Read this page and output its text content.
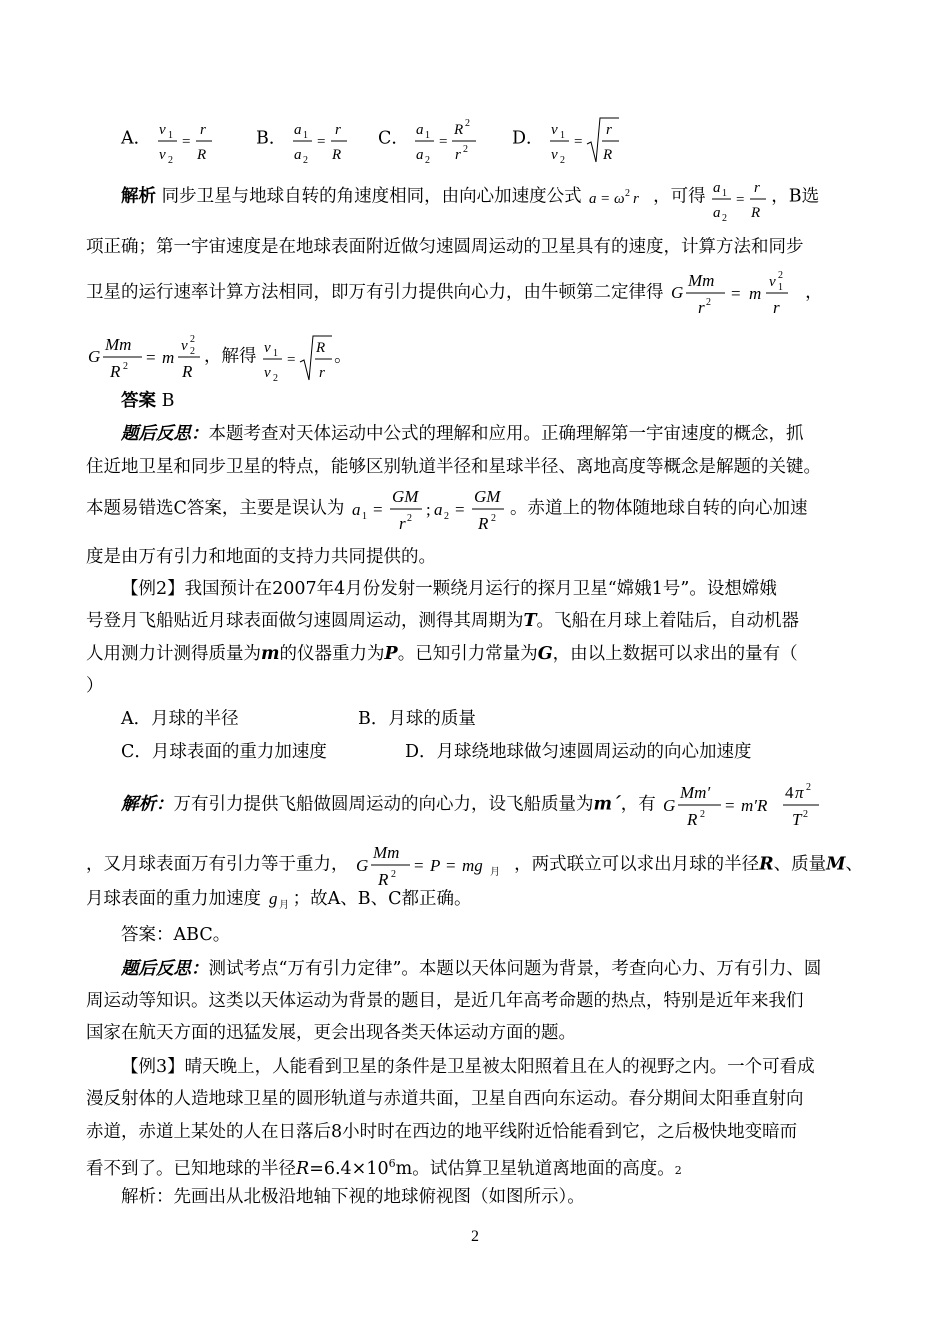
A． v 1
v 2
=
r
R
B． a 1
a 2
=
r
R
C． a 1
a 2
=
R 2
r 2
D． v 1
v 2
=
r
R
解析 同步卫星与地球自转的角速度相同，由向心加速度公式 a = ω 2 r ，可得 a 1
a 2
=
r
R
，B选
项正确；第一宇宙速度是在地球表面附近做匀速圆周运动的卫星具有的速度，计算方法和同步
卫星的运行速率计算方法相同，即万有引力提供向心力，由牛顿第二定律得 G
Mm
r 2 = m
v 1
2
r
，
G
Mm
R 2 = m
v 2
2
R
，解得 v 1
v 2
=
R
r
。
答案 B
题后反思：本题考查对天体运动中公式的理解和应用。正确理解第一宇宙速度的概念，抓
住近地卫星和同步卫星的特点，能够区别轨道半径和星球半径、离地高度等概念是解题的关键。
本题易错选C答案，主要是误认为 a 1 =
GM
r 2 ; a 2 =
GM
R 2 。赤道上的物体随地球自转的向心加速
度是由万有引力和地面的支持力共同提供的。
【例2】我国预计在2007年4月份发射一颗绕月运行的探月卫星“嫦娥1号”。设想嫦娥
号登月飞船贴近月球表面做匀速圆周运动，测得其周期为T。飞船在月球上着陆后，自动机器
人用测力计测得质量为m的仪器重力为P。已知引力常量为G，由以上数据可以求出的量有（
）
A．月球的半径	B．月球的质量
C．月球表面的重力加速度	D．月球绕地球做匀速圆周运动的向心加速度
解析：万有引力提供飞船做圆周运动的向心力，设飞船质量为m´，有 G
Mm′
R 2 = m′R
4 π 2
T 2
，又月球表面万有引力等于重力， G
Mm
R 2 = P = mg 月 ，两式联立可以求出月球的半径R、质量M、
月球表面的重力加速度 g 月 ；故A、B、C都正确。
答案：ABC。
题后反思：测试考点“万有引力定律”。本题以天体问题为背景，考查向心力、万有引力、圆
周运动等知识。这类以天体运动为背景的题目，是近几年高考命题的热点，特别是近年来我们
国家在航天方面的迅猛发展，更会出现各类天体运动方面的题。
【例3】晴天晚上，人能看到卫星的条件是卫星被太阳照着且在人的视野之内。一个可看成
漫反射体的人造地球卫星的圆形轨道与赤道共面，卫星自西向东运动。春分期间太阳垂直射向
赤道，赤道上某处的人在日落后8小时时在西边的地平线附近恰能看到它，之后极快地变暗而
看不到了。已知地球的半径$R=6.4\times 10^6m$。试估算卫星轨道离地面的高度。2
解析：先画出从北极沿地轴下视的地球俯视图（如图所示）。
2
